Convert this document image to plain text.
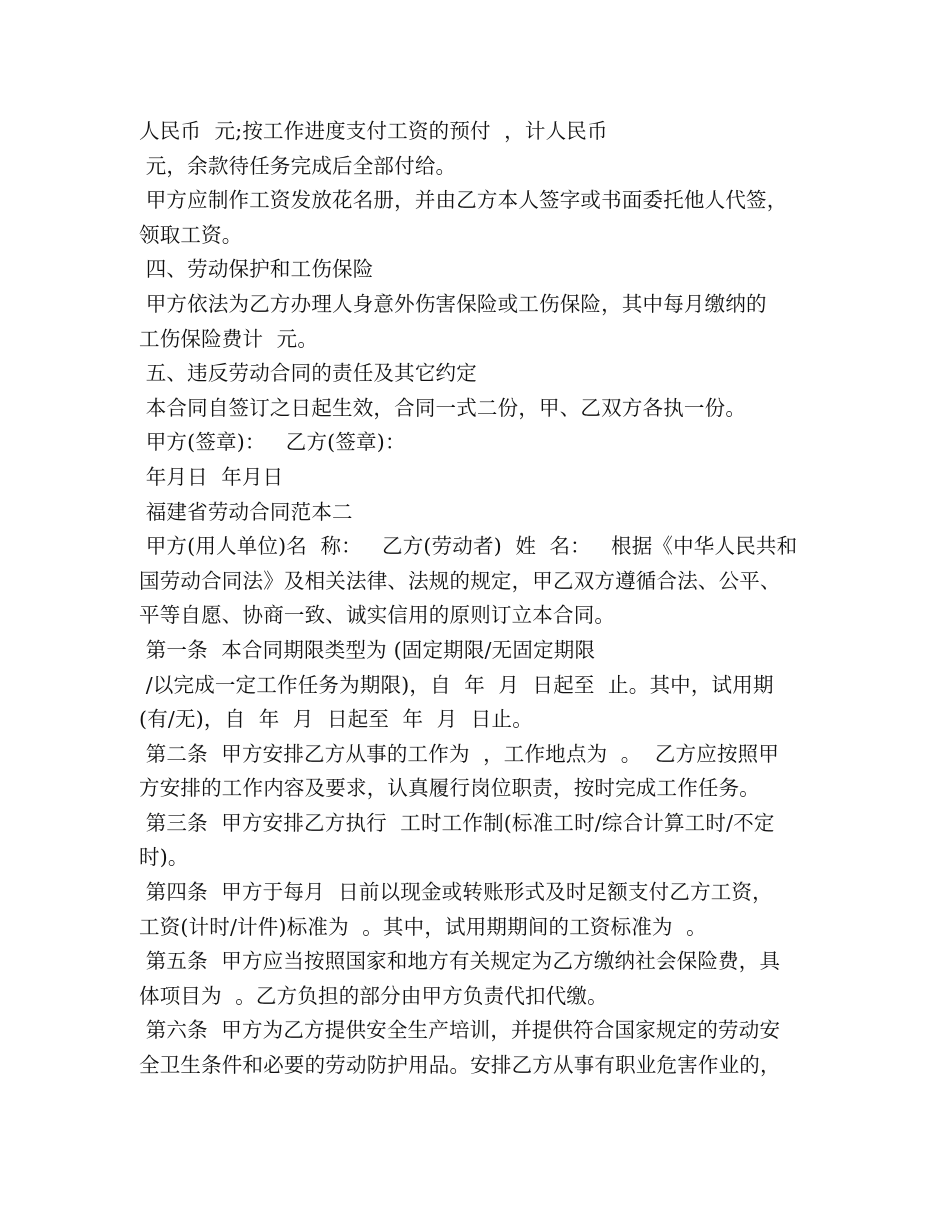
人民币  元;按工作进度支付工资的预付  ，计人民币
元，余款待任务完成后全部付给。
甲方应制作工资发放花名册，并由乙方本人签字或书面委托他人代签，
领取工资。
四、劳动保护和工伤保险
甲方依法为乙方办理人身意外伤害保险或工伤保险，其中每月缴纳的
工伤保险费计  元。
五、违反劳动合同的责任及其它约定
本合同自签订之日起生效，合同一式二份，甲、乙双方各执一份。
甲方(签章)：   乙方(签章)：
年月日  年月日
福建省劳动合同范本二
甲方(用人单位)名  称：   乙方(劳动者)  姓  名：   根据《中华人民共和
国劳动合同法》及相关法律、法规的规定，甲乙双方遵循合法、公平、
平等自愿、协商一致、诚实信用的原则订立本合同。
第一条  本合同期限类型为 (固定期限/无固定期限
/以完成一定工作任务为期限)，自  年  月  日起至  止。其中，试用期
(有/无)，自  年  月  日起至  年  月  日止。
第二条  甲方安排乙方从事的工作为  ，工作地点为  。  乙方应按照甲
方安排的工作内容及要求，认真履行岗位职责，按时完成工作任务。
第三条  甲方安排乙方执行  工时工作制(标准工时/综合计算工时/不定
时)。
第四条  甲方于每月  日前以现金或转账形式及时足额支付乙方工资，
工资(计时/计件)标准为  。其中，试用期期间的工资标准为  。
第五条  甲方应当按照国家和地方有关规定为乙方缴纳社会保险费，具
体项目为  。乙方负担的部分由甲方负责代扣代缴。
第六条  甲方为乙方提供安全生产培训，并提供符合国家规定的劳动安
全卫生条件和必要的劳动防护用品。安排乙方从事有职业危害作业的，
